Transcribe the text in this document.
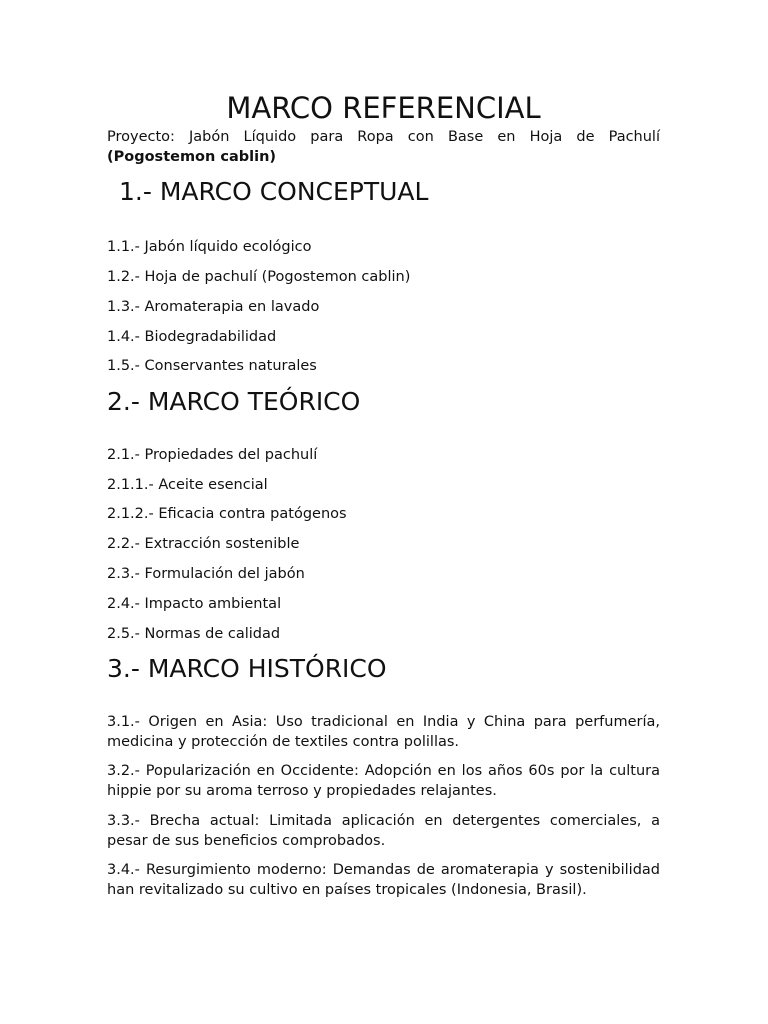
MARCO REFERENCIAL

Proyecto: Jabón Líquido para Ropa con Base en Hoja de Pachulí
(Pogostemon cablin)

1.- MARCO CONCEPTUAL

1.1.- Jabón líquido ecológico

1.2.- Hoja de pachulí (Pogostemon cablin)

1.3.- Aromaterapia en lavado

1.4.- Biodegradabilidad

1.5.- Conservantes naturales

2.- MARCO TEÓRICO

2.1.- Propiedades del pachulí

2.1.1.- Aceite esencial

2.1.2.- Eficacia contra patógenos

2.2.- Extracción sostenible

2.3.- Formulación del jabón

2.4.- Impacto ambiental

2.5.- Normas de calidad

3.- MARCO HISTÓRICO

3.1.- Origen en Asia: Uso tradicional en India y China para perfumería, medicina y protección de textiles contra polillas.

3.2.- Popularización en Occidente: Adopción en los años 60s por la cultura hippie por su aroma terroso y propiedades relajantes.

3.3.- Brecha actual: Limitada aplicación en detergentes comerciales, a pesar de sus beneficios comprobados.

3.4.- Resurgimiento moderno: Demandas de aromaterapia y sostenibilidad han revitalizado su cultivo en países tropicales (Indonesia, Brasil).
